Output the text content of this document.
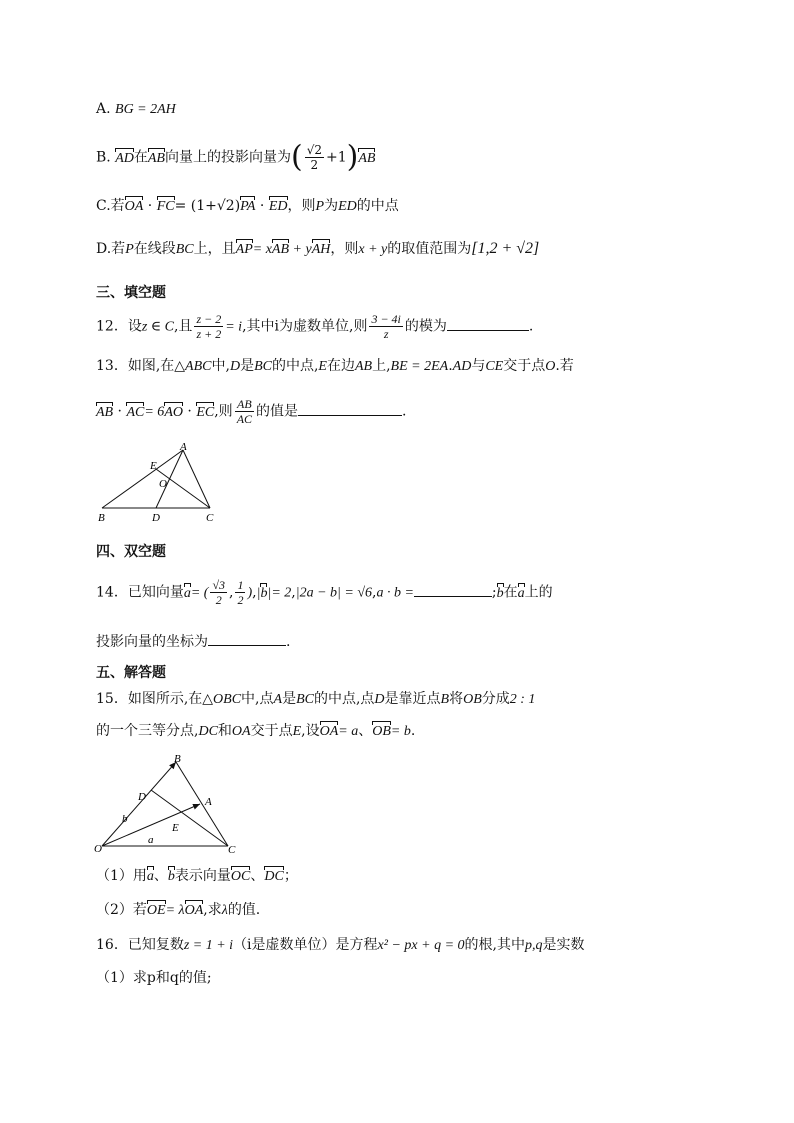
A. BG = 2AH
B. AD在AB向量上的投影向量为( $\frac{√2}{2} +1)AB$
C.若OA · FC= (1+√2)PA · ED，则P为ED的中点
D.若P在线段BC上，且AP= xAB + yAH，则x + y的取值范围为[1,2 + √2]
三、填空题
12．设z ∈ C,且 $\frac{z - 2}{z + 2} = i$,其中i为虚数单位,则 $\frac{3 - 4i}{z}$ 的模为	.
13．如图,在△ABC中,D是BC的中点,E在边AB上,BE = 2EA.AD与CE交于点O.若
AB · AC= 6AO · EC,则 $\frac{AB}{AC}$ 的值是	.
A
B	C
D
E
O
四、双空题
14．已知向量a= ( $\frac{√3}{2}$ , $\frac{1}{2} ),|b|= 2,|2a - b| = √6,a \cdot b$ =	;b在a上的
投影向量的坐标为	.
五、解答题
15．如图所示,在△OBC中,点A是BC的中点,点D是靠近点B将OB分成2 : 1
的一个三等分点,DC和OA交于点E,设OA= a、OB= b.
B
O	C
A
D
E
a
b
（1）用a、b表示向量OC、DC；
（2）若OE= λOA,求λ的值.
16．已知复数z = 1 + i（i是虚数单位）是方程x² − px + q = 0的根,其中p,q是实数
（1）求p和q的值;
